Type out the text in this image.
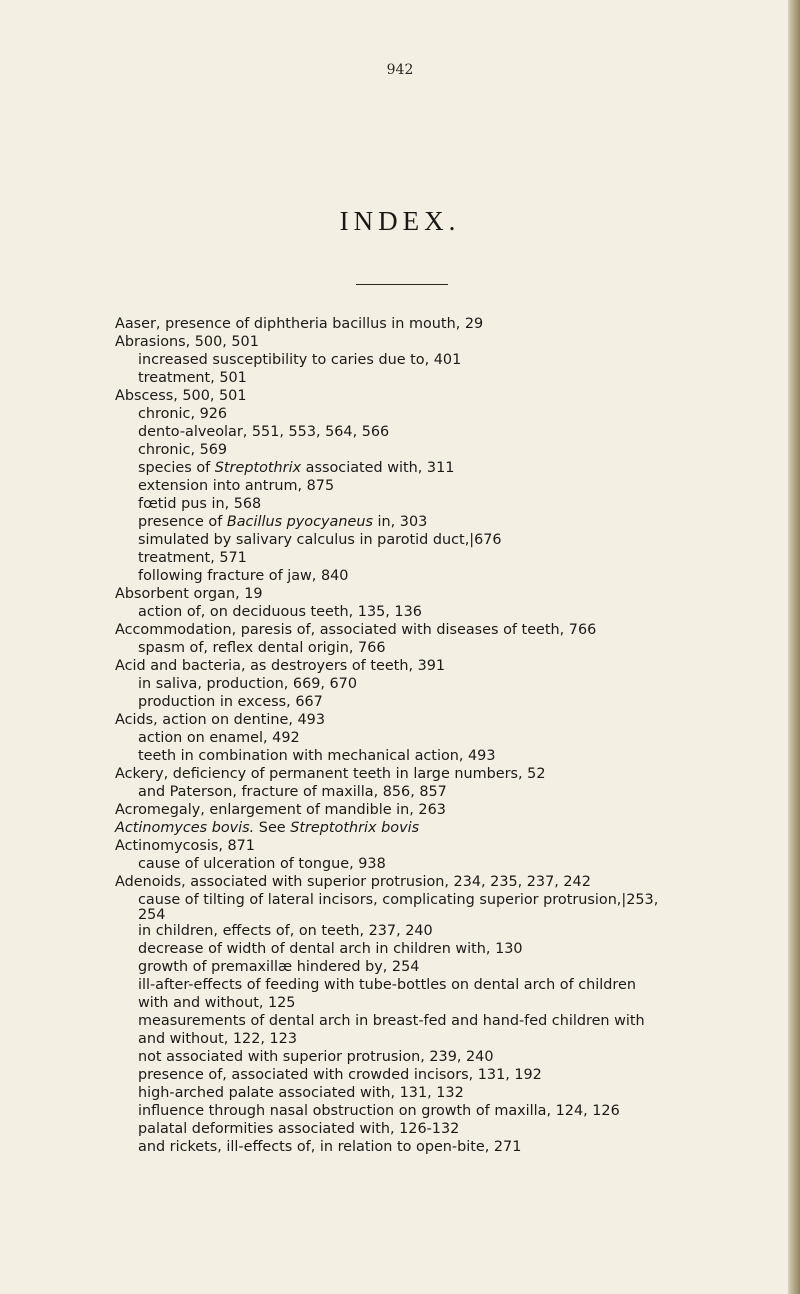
942
INDEX.
Aaser, presence of diphtheria bacillus in mouth, 29
Abrasions, 500, 501
increased susceptibility to caries due to, 401
treatment, 501
Abscess, 500, 501
chronic, 926
dento-alveolar, 551, 553, 564, 566
chronic, 569
species of Streptothrix associated with, 311
extension into antrum, 875
fœtid pus in, 568
presence of Bacillus pyocyaneus in, 303
simulated by salivary calculus in parotid duct,|676
treatment, 571
following fracture of jaw, 840
Absorbent organ, 19
action of, on deciduous teeth, 135, 136
Accommodation, paresis of, associated with diseases of teeth, 766
spasm of, reflex dental origin, 766
Acid and bacteria, as destroyers of teeth, 391
in saliva, production, 669, 670
production in excess, 667
Acids, action on dentine, 493
action on enamel, 492
teeth in combination with mechanical action, 493
Ackery, deficiency of permanent teeth in large numbers, 52
and Paterson, fracture of maxilla, 856, 857
Acromegaly, enlargement of mandible in, 263
Actinomyces bovis. See Streptothrix bovis
Actinomycosis, 871
cause of ulceration of tongue, 938
Adenoids, associated with superior protrusion, 234, 235, 237, 242
cause of tilting of lateral incisors, complicating superior protrusion,|253,
254
in children, effects of, on teeth, 237, 240
decrease of width of dental arch in children with, 130
growth of premaxillæ hindered by, 254
ill-after-effects of feeding with tube-bottles on dental arch of children
with and without, 125
measurements of dental arch in breast-fed and hand-fed children with
and without, 122, 123
not associated with superior protrusion, 239, 240
presence of, associated with crowded incisors, 131, 192
high-arched palate associated with, 131, 132
influence through nasal obstruction on growth of maxilla, 124, 126
palatal deformities associated with, 126-132
and rickets, ill-effects of, in relation to open-bite, 271
